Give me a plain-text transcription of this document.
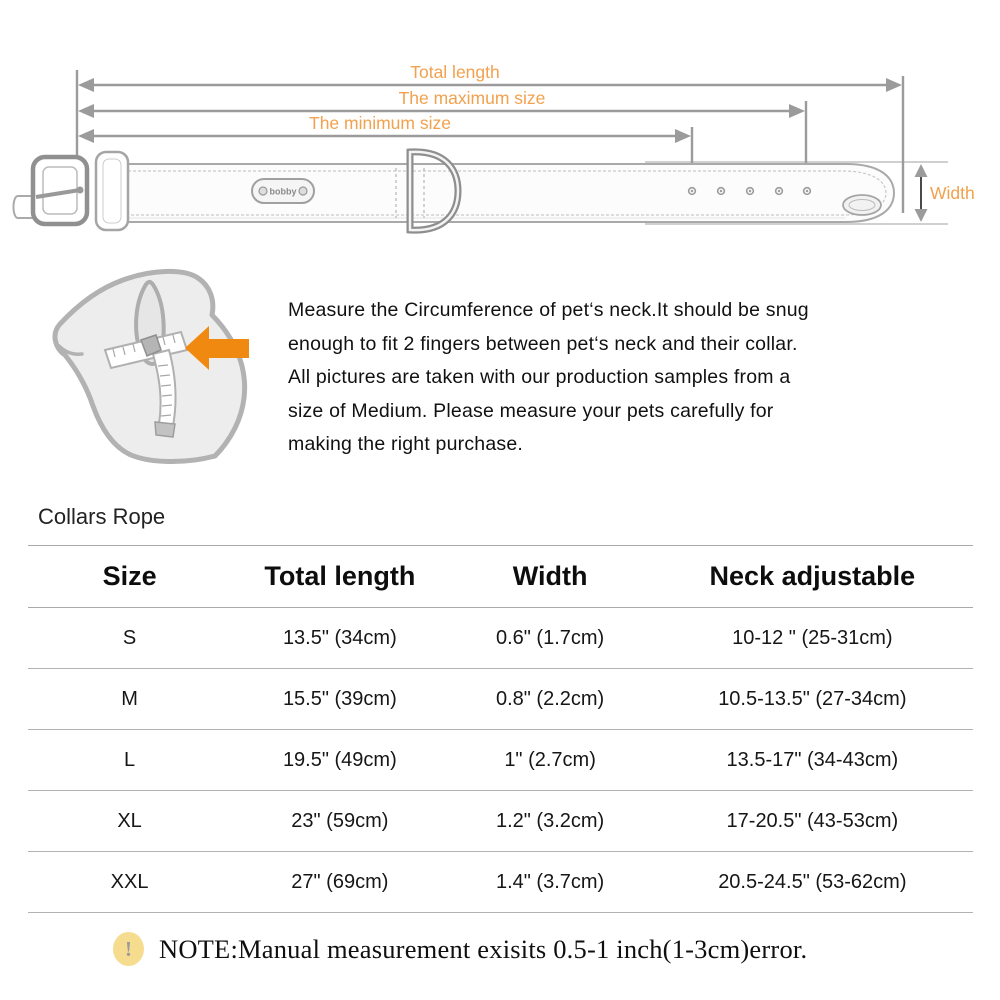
Total length
The maximum size
The minimum size
bobby	Width
Measure the Circumference of pet‘s neck.It should be snug
enough to fit 2 fingers between pet‘s neck and their collar.
All pictures are taken with our production samples from a
size of Medium. Please measure your pets carefully for
making the right purchase.
Collars Rope
Size	Total length	Width	Neck adjustable
S	13.5" (34cm)	0.6" (1.7cm)	10-12 " (25-31cm)
M	15.5" (39cm)	0.8" (2.2cm)	10.5-13.5" (27-34cm)
L	19.5" (49cm)	1" (2.7cm)	13.5-17" (34-43cm)
XL	23" (59cm)	1.2" (3.2cm)	17-20.5" (43-53cm)
XXL	27" (69cm)	1.4" (3.7cm)	20.5-24.5" (53-62cm)
!	NOTE:Manual measurement exisits 0.5-1 inch(1-3cm)error.
